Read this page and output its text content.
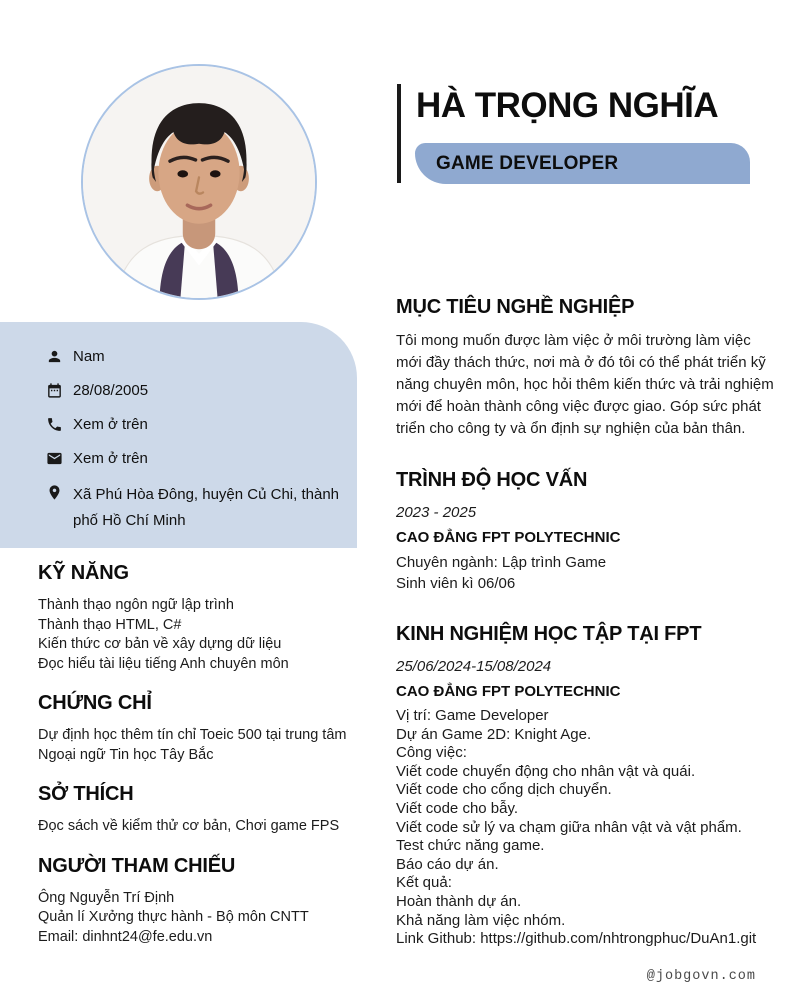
HÀ TRỌNG NGHĨA
GAME DEVELOPER
Nam
28/08/2005
Xem ở trên
Xem ở trên
Xã Phú Hòa Đông, huyện Củ Chi, thành phố Hồ Chí Minh
KỸ NĂNG
Thành thạo ngôn ngữ lập trình
Thành thạo HTML, C#
Kiến thức cơ bản về xây dựng dữ liệu
Đọc hiểu tài liệu tiếng Anh chuyên môn
CHỨNG CHỈ
Dự định học thêm tín chỉ Toeic 500 tại trung tâm Ngoại ngữ Tin học Tây Bắc
SỞ THÍCH
Đọc sách về kiểm thử cơ bản, Chơi game FPS
NGƯỜI THAM CHIẾU
Ông Nguyễn Trí Định
Quản lí Xưởng thực hành - Bộ môn CNTT
Email: dinhnt24@fe.edu.vn
MỤC TIÊU NGHỀ NGHIỆP

Tôi mong muốn được làm việc ở môi trường làm việc mới đầy thách thức, nơi mà ở đó tôi có thể phát triển kỹ năng chuyên môn, học hỏi thêm kiến thức và trải nghiệm mới để hoàn thành công việc được giao. Góp sức phát triển cho công ty và ổn định sự nghiện của bản thân.

TRÌNH ĐỘ HỌC VẤN
2023 - 2025
CAO ĐẲNG FPT POLYTECHNIC
Chuyên ngành: Lập trình Game
Sinh viên kì 06/06
KINH NGHIỆM HỌC TẬP TẠI FPT
25/06/2024-15/08/2024
CAO ĐẲNG FPT POLYTECHNIC
Vị trí: Game Developer
Dự án Game 2D: Knight Age.
Công việc:
Viết code chuyển động cho nhân vật và quái.
Viết code cho cổng dịch chuyển.
Viết code cho bẫy.
Viết code sử lý va chạm giữa nhân vật và vật phẩm.
Test chức năng game.
Báo cáo dự án.
Kết quả:
Hoàn thành dự án.
Khả năng làm việc nhóm.
Link Github: https://github.com/nhtrongphuc/DuAn1.git
@jobgovn.com
